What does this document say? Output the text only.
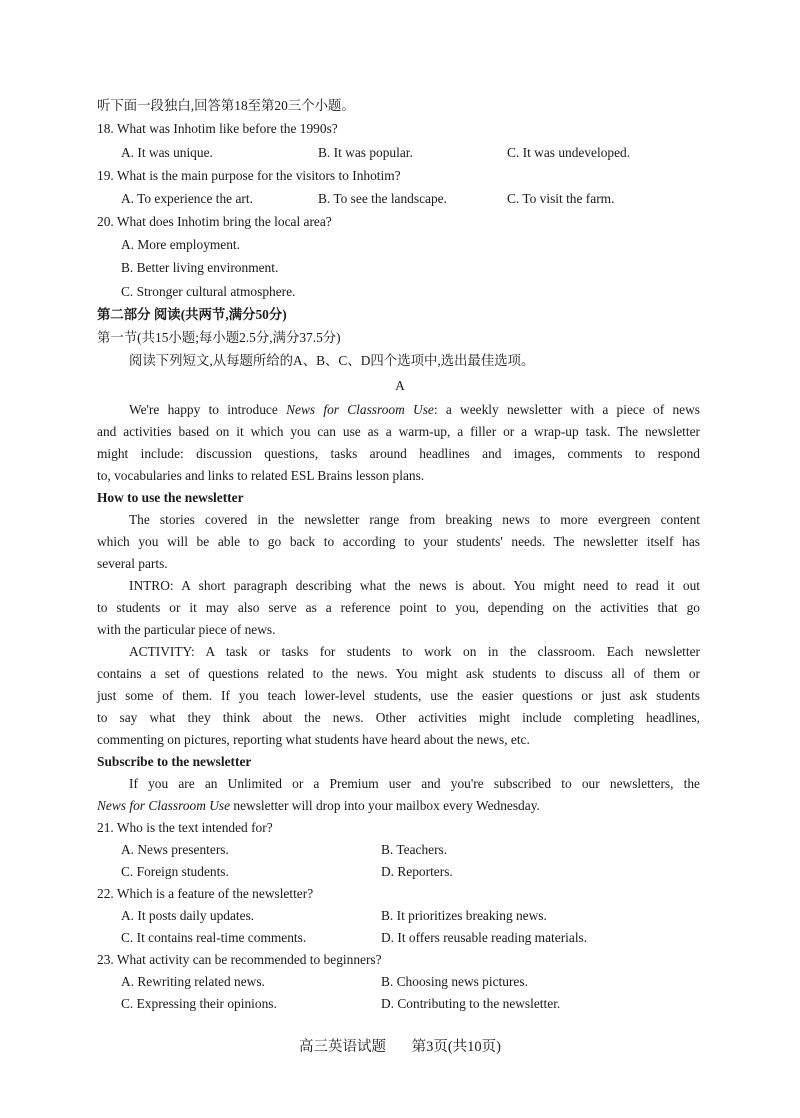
听下面一段独白,回答第18至第20三个小题。
18. What was Inhotim like before the 1990s?
A. It was unique.	B. It was popular.	C. It was undeveloped.
19. What is the main purpose for the visitors to Inhotim?
A. To experience the art.	B. To see the landscape.	C. To visit the farm.
20. What does Inhotim bring the local area?
A. More employment.
B. Better living environment.
C. Stronger cultural atmosphere.
第二部分 阅读(共两节,满分50分)
第一节(共15小题;每小题2.5分,满分37.5分)
阅读下列短文,从每题所给的A、B、C、D四个选项中,选出最佳选项。
A
We're happy to introduce News for Classroom Use: a weekly newsletter with a piece of news
and activities based on it which you can use as a warm-up, a filler or a wrap-up task. The newsletter
might include: discussion questions, tasks around headlines and images, comments to respond
to, vocabularies and links to related ESL Brains lesson plans.
How to use the newsletter
The stories covered in the newsletter range from breaking news to more evergreen content
which you will be able to go back to according to your students' needs. The newsletter itself has
several parts.
INTRO: A short paragraph describing what the news is about. You might need to read it out
to students or it may also serve as a reference point to you, depending on the activities that go
with the particular piece of news.
ACTIVITY: A task or tasks for students to work on in the classroom. Each newsletter
contains a set of questions related to the news. You might ask students to discuss all of them or
just some of them. If you teach lower-level students, use the easier questions or just ask students
to say what they think about the news. Other activities might include completing headlines,
commenting on pictures, reporting what students have heard about the news, etc.
Subscribe to the newsletter
If you are an Unlimited or a Premium user and you're subscribed to our newsletters, the
News for Classroom Use newsletter will drop into your mailbox every Wednesday.
21. Who is the text intended for?
A. News presenters.	B. Teachers.
C. Foreign students.	D. Reporters.
22. Which is a feature of the newsletter?
A. It posts daily updates.	B. It prioritizes breaking news.
C. It contains real-time comments.	D. It offers reusable reading materials.
23. What activity can be recommended to beginners?
A. Rewriting related news.	B. Choosing news pictures.
C. Expressing their opinions.	D. Contributing to the newsletter.
高三英语试题 第3页(共10页)
